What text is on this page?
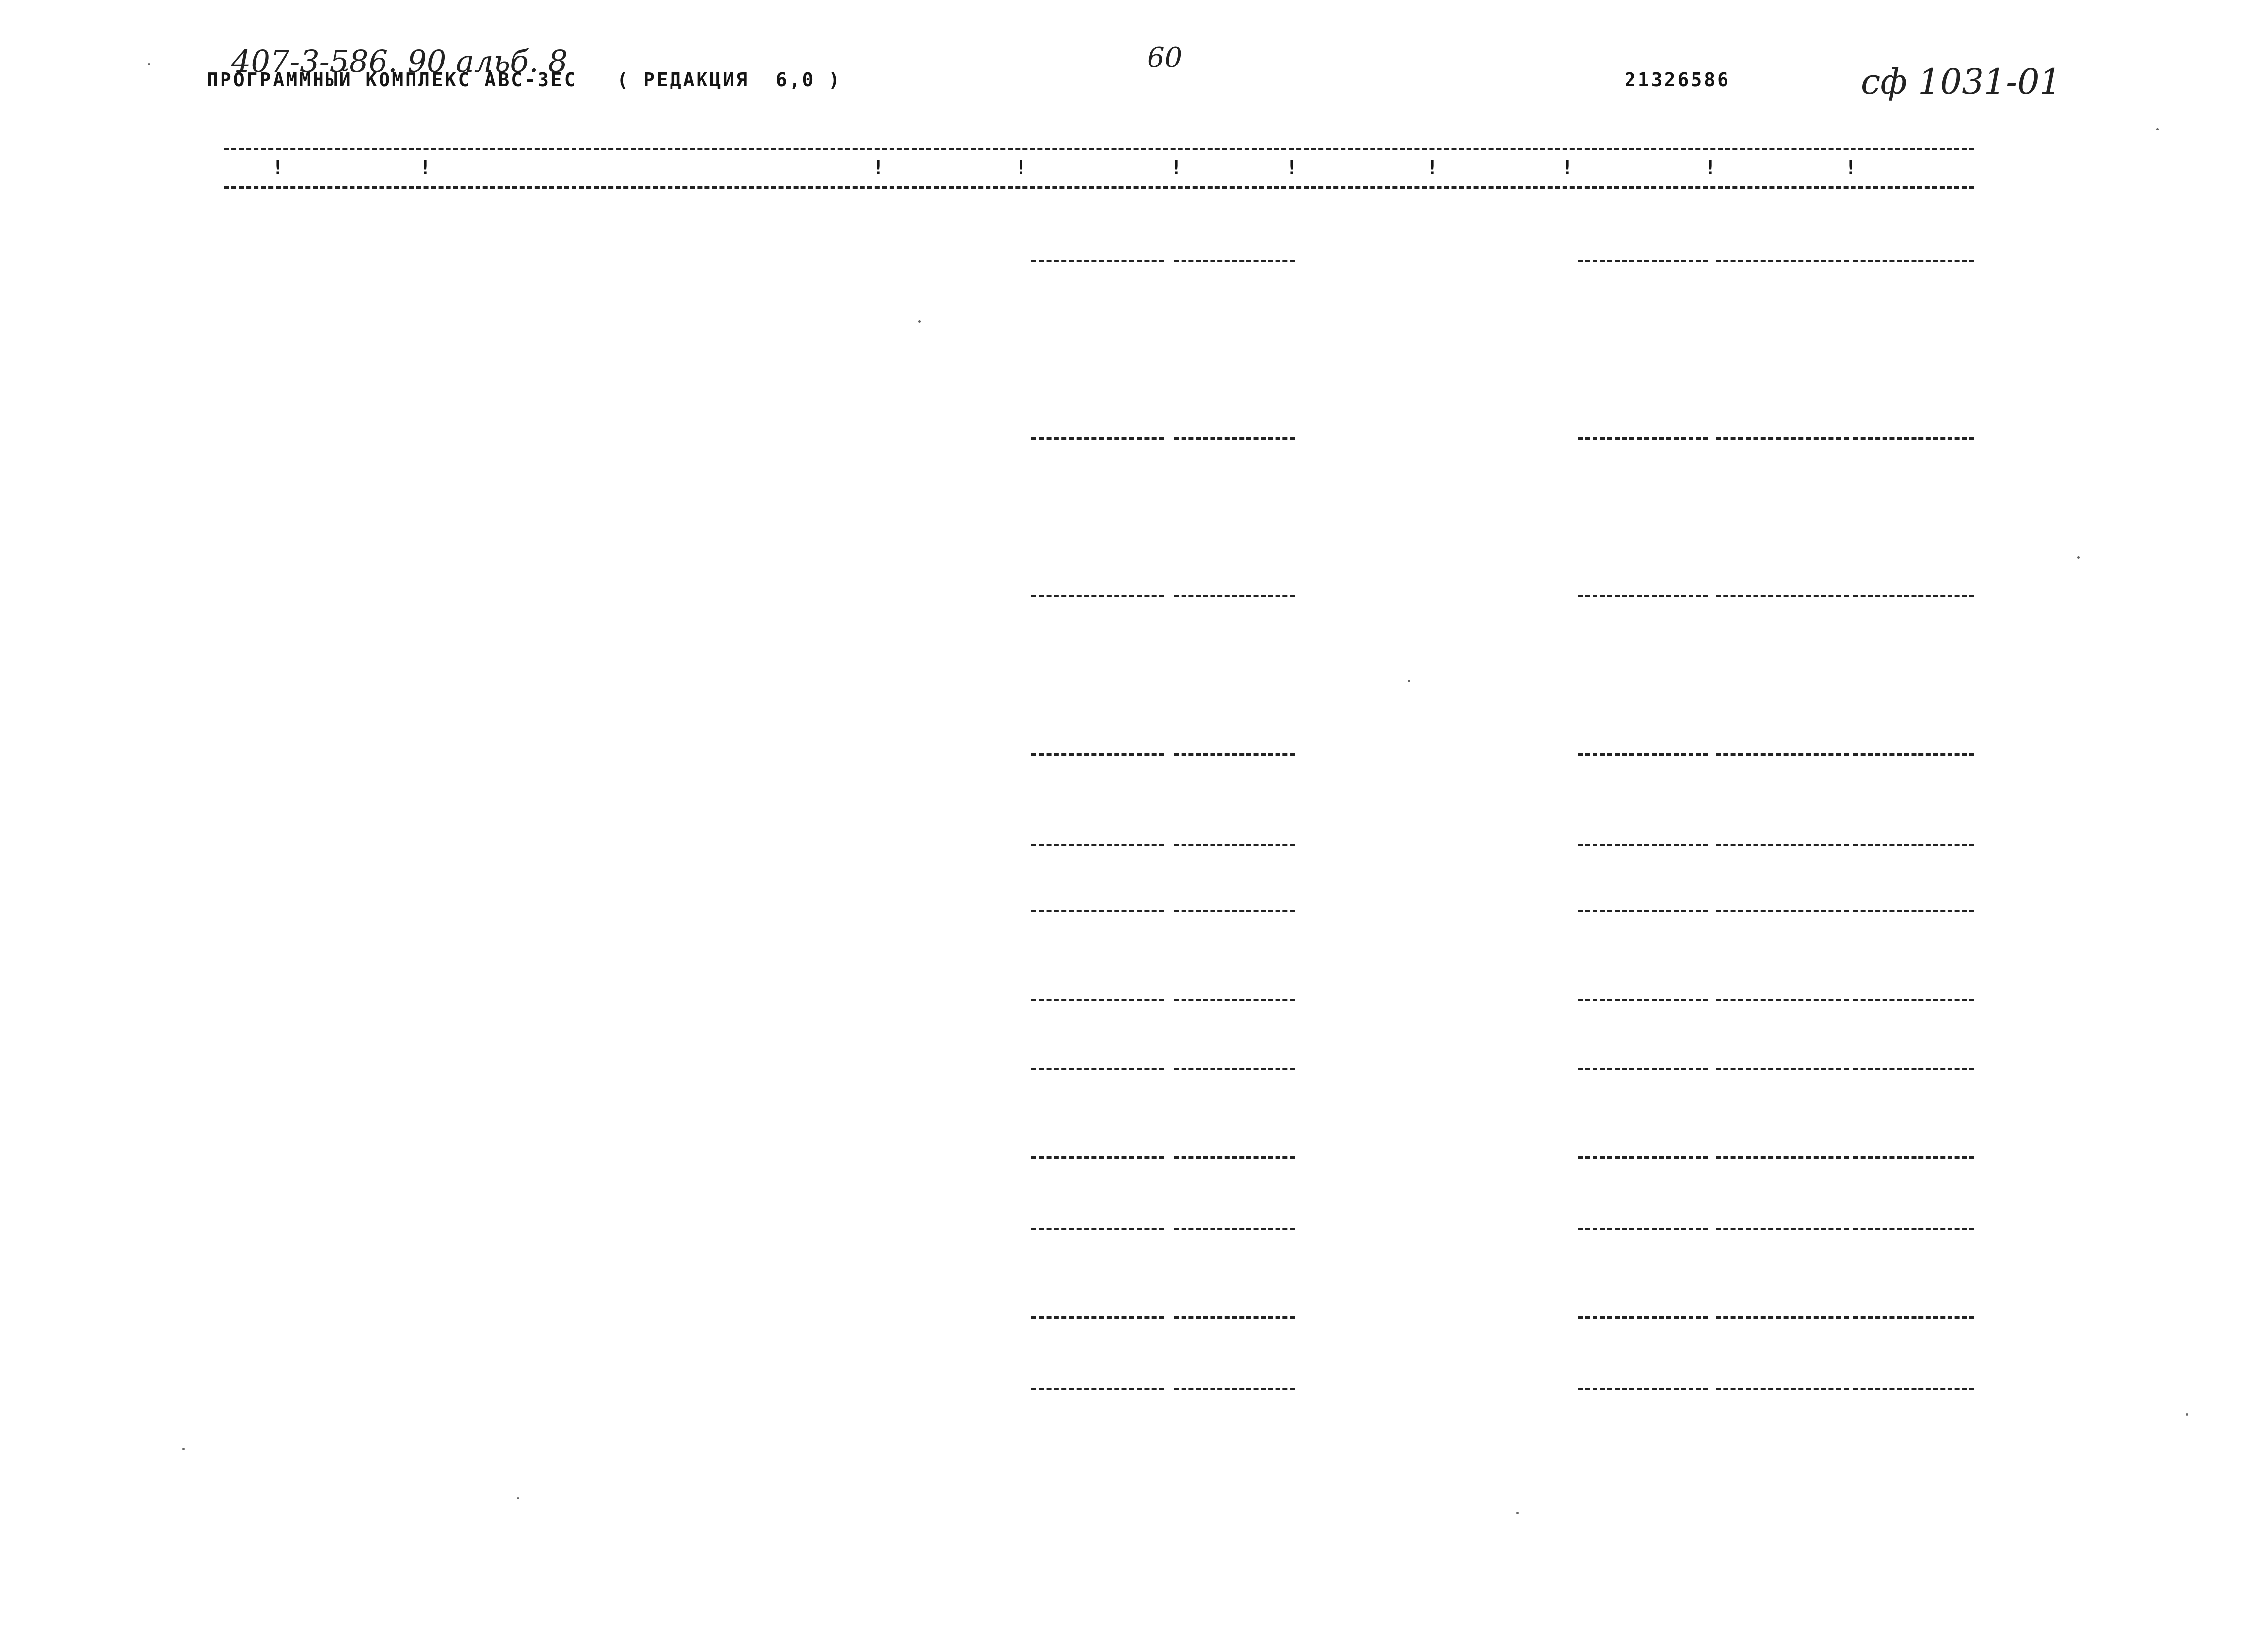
407-3-586. 90 альб. 8
ПРОГРАММНЫЙ КОМПЛЕКС АВС-ЗЕС   ( РЕДАКЦИЯ  6,0 )
60
21326586	сф 1031-01
!	!	!	!	!	!	!	!	!	!
